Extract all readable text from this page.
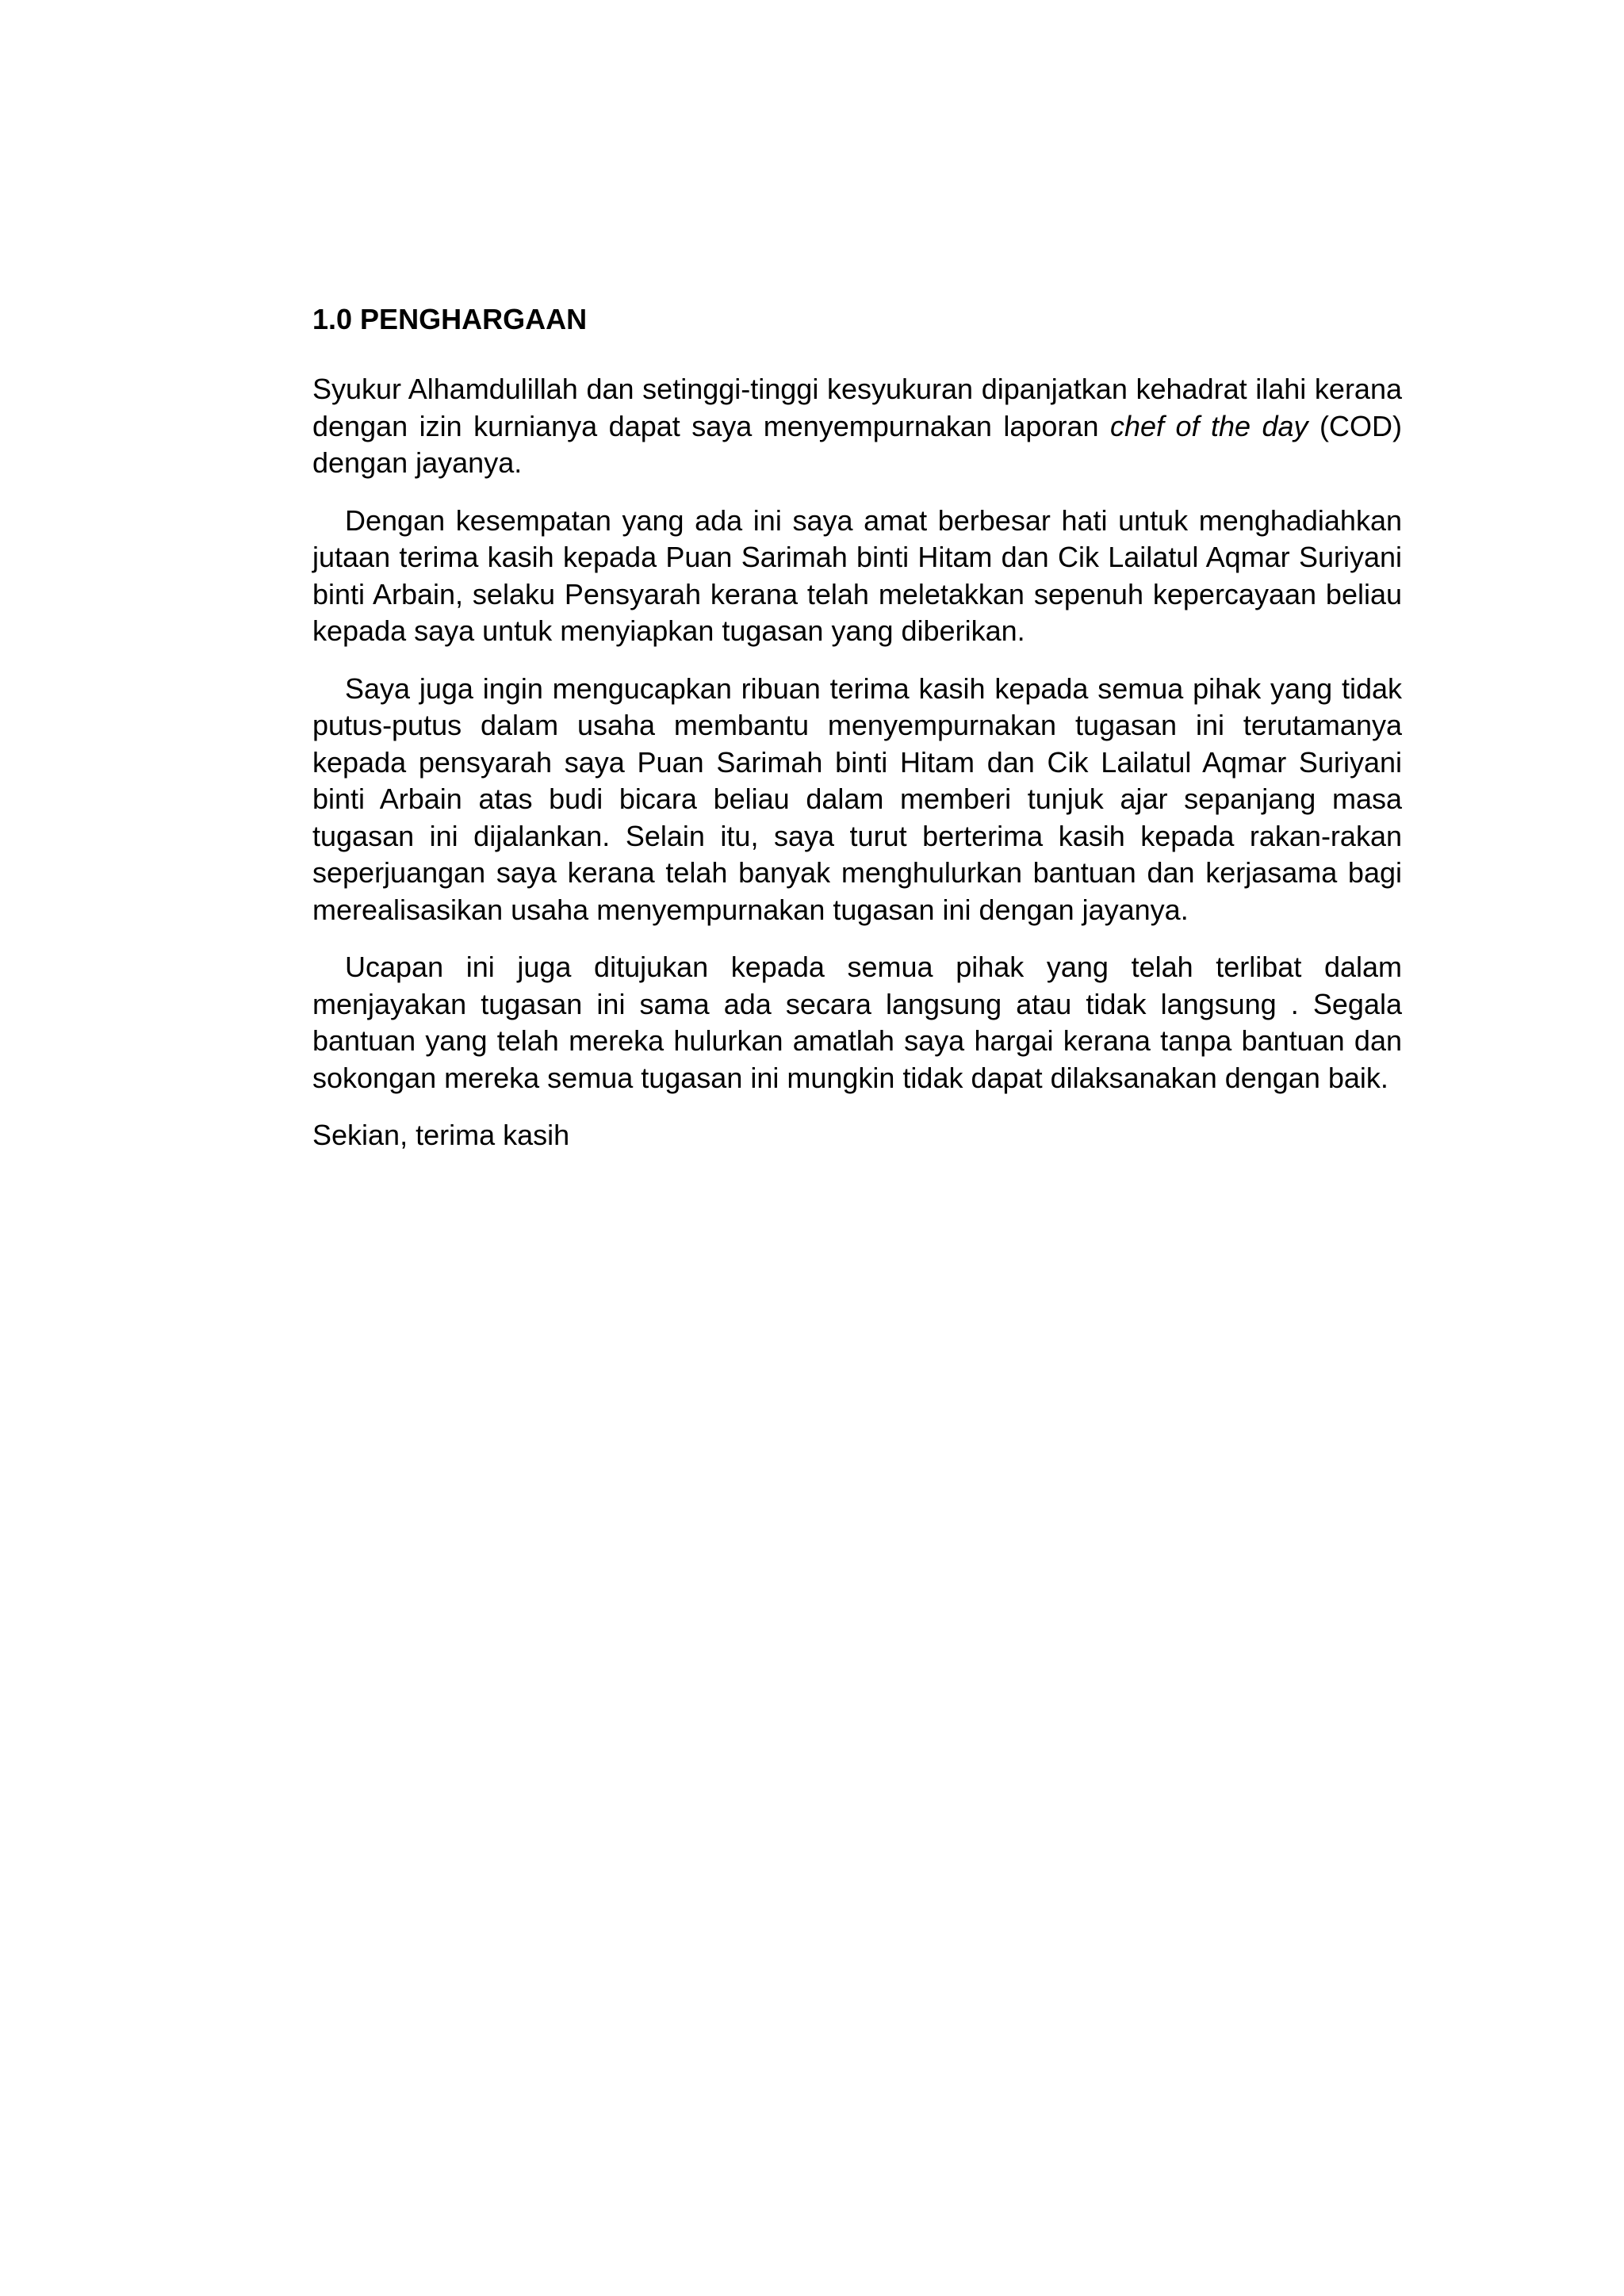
1.0 PENGHARGAAN

Syukur Alhamdulillah dan setinggi-tinggi kesyukuran dipanjatkan kehadrat ilahi kerana dengan izin kurnianya dapat saya menyempurnakan laporan chef of the day (COD) dengan jayanya.

Dengan kesempatan yang ada ini saya amat berbesar hati untuk menghadiahkan jutaan terima kasih kepada Puan Sarimah binti Hitam dan Cik Lailatul Aqmar Suriyani binti Arbain, selaku Pensyarah kerana telah meletakkan sepenuh kepercayaan beliau kepada saya untuk menyiapkan tugasan yang diberikan.

Saya juga ingin mengucapkan ribuan terima kasih kepada semua pihak yang tidak putus-putus dalam usaha membantu menyempurnakan tugasan ini terutamanya kepada pensyarah saya Puan Sarimah binti Hitam dan Cik Lailatul Aqmar Suriyani binti Arbain atas budi bicara beliau dalam memberi tunjuk ajar sepanjang masa tugasan ini dijalankan. Selain itu, saya turut berterima kasih kepada rakan-rakan seperjuangan saya kerana telah banyak menghulurkan bantuan dan kerjasama bagi merealisasikan usaha menyempurnakan tugasan ini dengan jayanya.

Ucapan ini juga ditujukan kepada semua pihak yang telah terlibat dalam menjayakan tugasan ini sama ada secara langsung atau tidak langsung . Segala bantuan yang telah mereka hulurkan amatlah saya hargai kerana tanpa bantuan dan sokongan mereka semua tugasan ini mungkin tidak dapat dilaksanakan dengan baik.

Sekian, terima kasih
